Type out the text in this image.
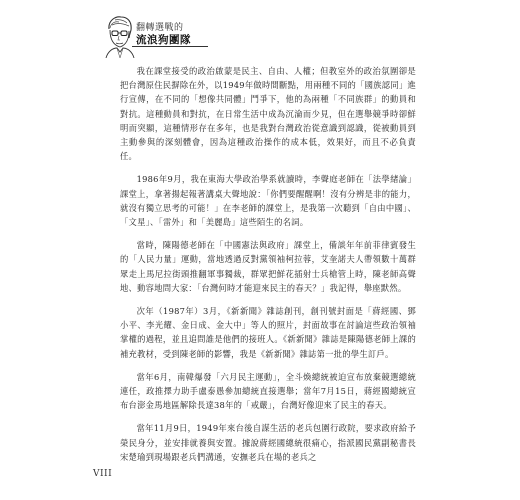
翻轉選戰的
流浪狗團隊

我在課堂接受的政治啟蒙是民主、自由、人權；但教室外的政治氛圍卻是把台灣原住民摒除在外，以1949年做時間斷點，用兩種不同的「國族認同」進行宣傳，在不同的「想像共同體」鬥爭下，他的為兩種「不同族群」的動員和對抗。這種動員和對抗，在日常生活中成為沉淪而少見，但在選舉競爭時卻鮮明而突顯，這種情形存在多年，也是我對台灣政治從意識到認識，從被動員到主動參與的深刻體會，因為這種政治操作的成本低，效果好，而且不必負責任。

1986年9月，我在東海大學政治學系就讀時，李聲庭老師在「法學緒論」課堂上，拿著揚起報著講桌大聲地說：「你們要醒醒啊！沒有分辨是非的能力，就沒有獨立思考的可能！」在李老師的課堂上，是我第一次聽到「自由中國」、「文星」、「雷外」和「美麗島」這些陌生的名詞。

當時，陳陽德老師在「中國憲法與政府」課堂上，備談年年前菲律賓發生的「人民力量」運動，當地透過反對黨領袖柯拉蓉，艾奎諾夫人帶領數十萬群眾走上馬尼拉街頭推翻軍事獨裁，群眾把鮮花插射士兵槍管上時，陳老師高聲地、動容地問大家：「台灣何時才能迎來民主的春天？」我記得，舉座默然。

次年（1987年）3月，《新新聞》雜誌創刊，創刊號封面是「蔣經國、鄧小平、李光耀、金日成、金大中」等人的照片，封面故事在討論這些政治領袖掌權的過程，並且追問誰是他們的接班人。《新新聞》雜誌是陳陽德老師上課的補充教材，受到陳老師的影響，我是《新新聞》雜誌第一批的學生訂戶。

當年6月，南韓爆發「六月民主運動」，全斗煥總統被迫宣布放棄競選總統連任，政推擇力助手盧泰愚參加總統直接選舉；當年7月15日，蔣經國總統宣布台澎金馬地區解除長達38年的「戒嚴」，台灣好像迎來了民主的春天。

當年11月9日，1949年來台後自謀生活的老兵包圍行政院，要求政府給予榮民身分，並安排就養與安置。據說蔣經國總統很痛心，指派國民黨副秘書長宋楚瑜到現場跟老兵們溝通，安撫老兵在場的老兵之

VIII
